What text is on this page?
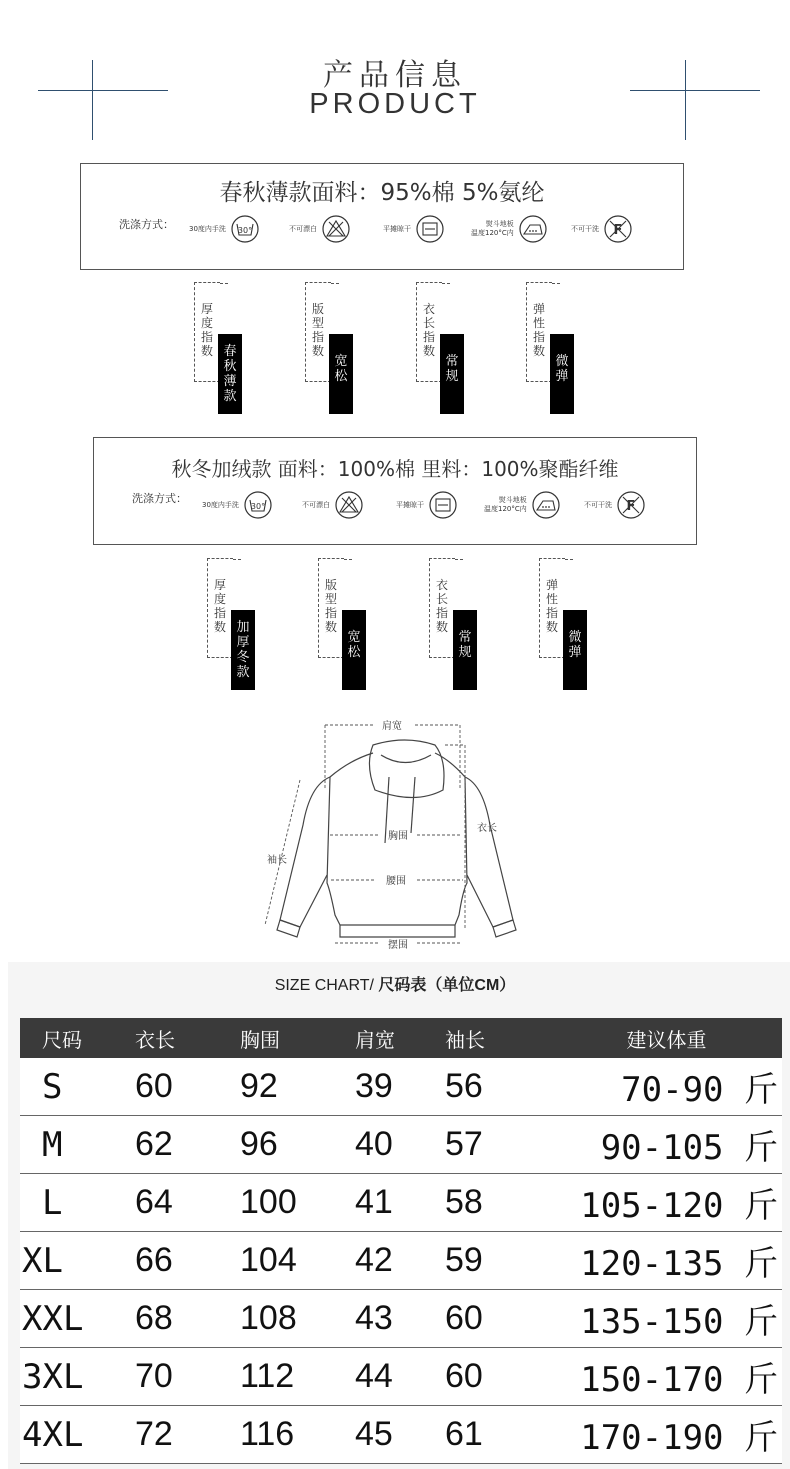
产品信息
PRODUCT
春秋薄款面料：95%棉 5%氨纶
洗涤方式： 30度内手洗 30°	不可漂白	平摊晾干
熨斗地板
温度120°C内
不可干洗 F
厚度指数 春秋薄款
版型指数
宽松
衣长指数
常规
弹性指数
微弹
秋冬加绒款 面料：100%棉 里料：100%聚酯纤维
洗涤方式： 30度内手洗 30°	不可漂白	平摊晾干
熨斗地板
温度120°C内
不可干洗 F
厚度指数 加厚冬款
版型指数
宽松
衣长指数
常规
弹性指数
微弹
肩宽
胸围
衣长
袖长
腰围
摆围
SIZE CHART/ 尺码表（单位CM）
尺码	衣长	胸围	肩宽	袖长	建议体重
S	60	92	39	56	70-90 斤
M	62	96	40	57	90-105 斤
L	64	100	41	58	105-120 斤
XL	66	104	42	59	120-135 斤
XXL	68	108	43	60	135-150 斤
3XL	70	112	44	60	150-170 斤
4XL	72	116	45	61	170-190 斤
